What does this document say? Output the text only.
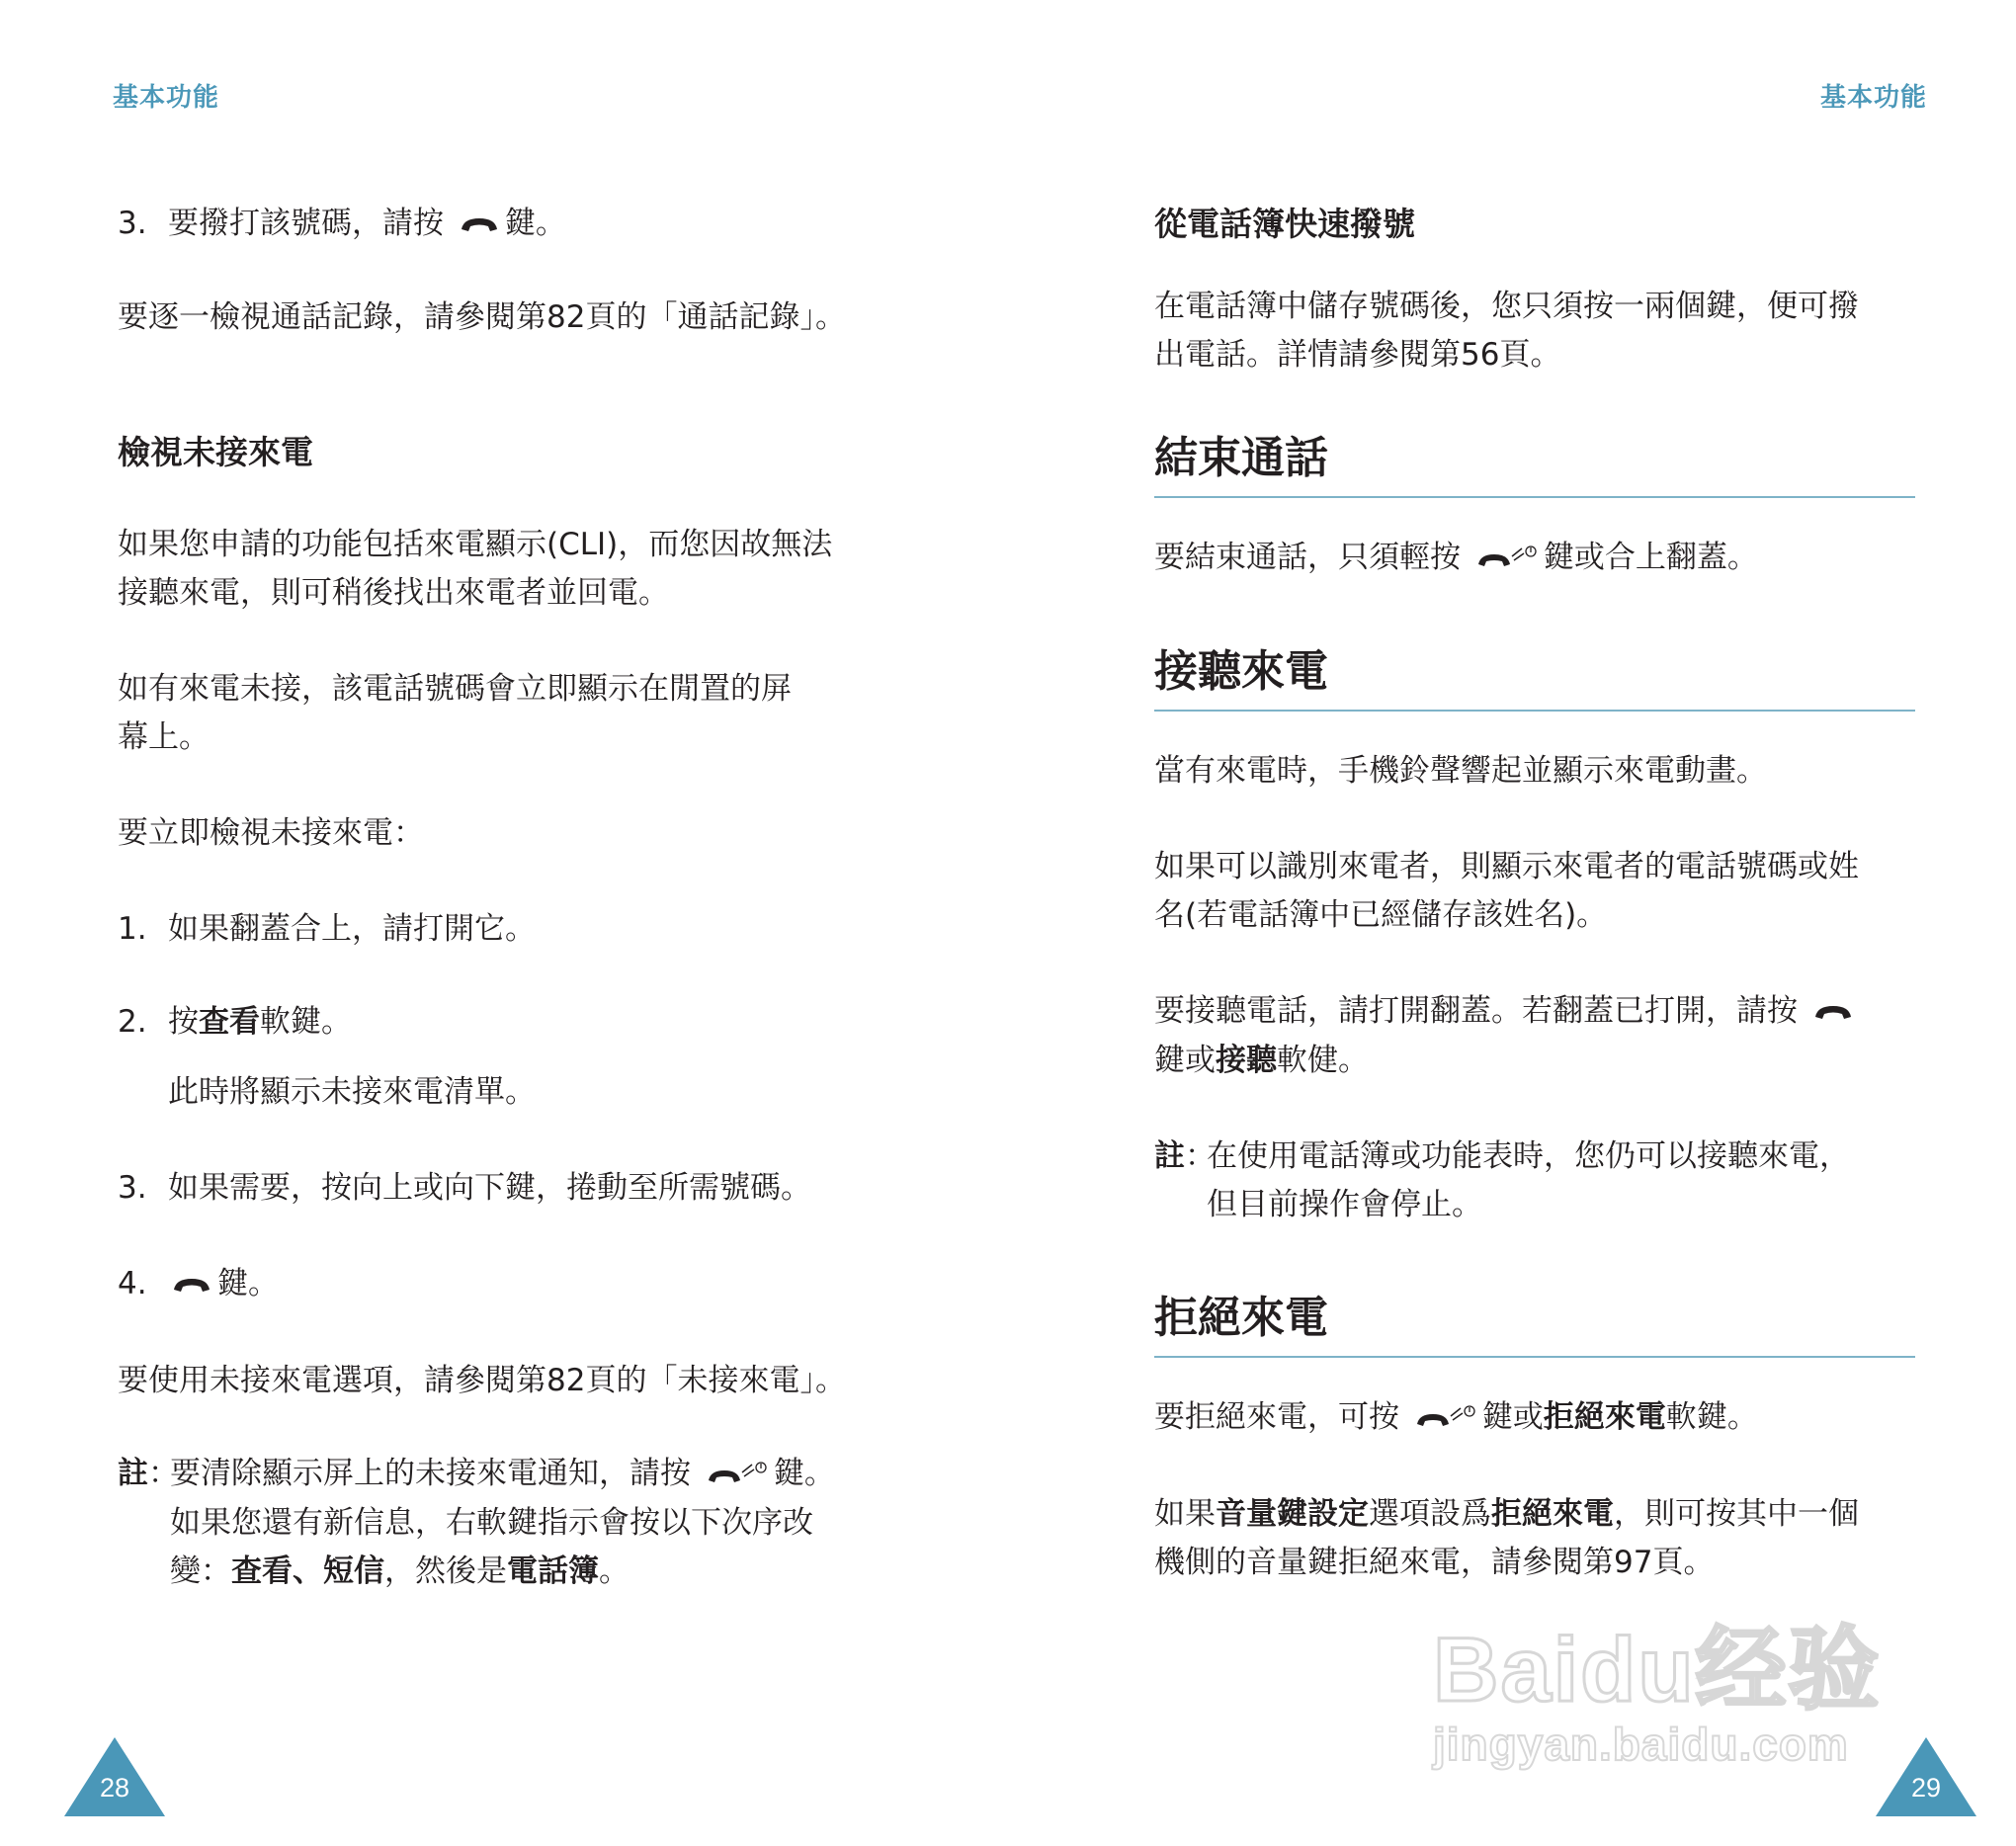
基本功能
3. 要撥打該號碼，請按 鍵。

要逐一檢視通話記錄，請參閱第82頁的「通話記錄」。

檢視未接來電

如果您申請的功能包括來電顯示(CLI)，而您因故無法
接聽來電，則可稍後找出來電者並回電。

如有來電未接，該電話號碼會立即顯示在閒置的屏
幕上。

要立即檢視未接來電：

1. 如果翻蓋合上，請打開它。
2. 按查看軟鍵。

此時將顯示未接來電清單。

3. 如果需要，按向上或向下鍵，捲動至所需號碼。
4.	鍵。

要使用未接來電選項，請參閱第82頁的「未接來電」。

註 ：
要清除顯示屏上的未接來電通知，請按	鍵。
如果您還有新信息，右軟鍵指示會按以下次序改
變：查看、短信，然後是電話簿。
28
基本功能

從電話簿快速撥號

在電話簿中儲存號碼後，您只須按一兩個鍵，便可撥
出電話。詳情請參閱第56頁。

結束通話

要結束通話，只須輕按	鍵或合上翻蓋。

接聽來電

當有來電時，手機鈴聲響起並顯示來電動畫。

如果可以識別來電者，則顯示來電者的電話號碼或姓
名(若電話簿中已經儲存該姓名)。

要接聽電話，請打開翻蓋。若翻蓋已打開，請按
鍵或接聽軟健。

註 ：
在使用電話簿或功能表時，您仍可以接聽來電，
但目前操作會停止。
拒絕來電

要拒絕來電，可按	鍵或拒絕來電軟鍵。

如果音量鍵設定選項設爲拒絕來電，則可按其中一個
機側的音量鍵拒絕來電，請參閱第97頁。

29
Baidu经验
jingyan.baidu.com
